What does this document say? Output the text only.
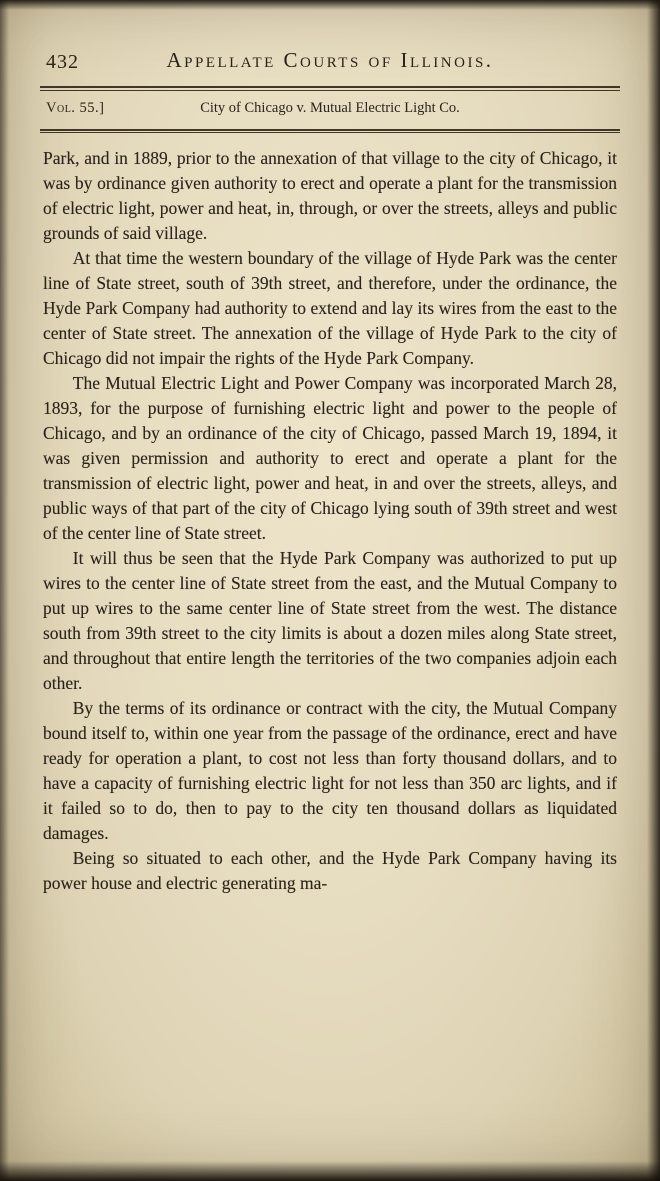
432	Appellate Courts of Illinois.
Vol. 55.]	City of Chicago v. Mutual Electric Light Co.

Park, and in 1889, prior to the annexation of that village to the city of Chicago, it was by ordinance given authority to erect and operate a plant for the transmission of electric light, power and heat, in, through, or over the streets, alleys and public grounds of said village.

At that time the western boundary of the village of Hyde Park was the center line of State street, south of 39th street, and therefore, under the ordinance, the Hyde Park Company had authority to extend and lay its wires from the east to the center of State street. The annexation of the village of Hyde Park to the city of Chicago did not impair the rights of the Hyde Park Company.

The Mutual Electric Light and Power Company was incorporated March 28, 1893, for the purpose of furnishing electric light and power to the people of Chicago, and by an ordinance of the city of Chicago, passed March 19, 1894, it was given permission and authority to erect and operate a plant for the transmission of electric light, power and heat, in and over the streets, alleys, and public ways of that part of the city of Chicago lying south of 39th street and west of the center line of State street.

It will thus be seen that the Hyde Park Company was authorized to put up wires to the center line of State street from the east, and the Mutual Company to put up wires to the same center line of State street from the west. The distance south from 39th street to the city limits is about a dozen miles along State street, and throughout that entire length the territories of the two companies adjoin each other.

By the terms of its ordinance or contract with the city, the Mutual Company bound itself to, within one year from the passage of the ordinance, erect and have ready for operation a plant, to cost not less than forty thousand dollars, and to have a capacity of furnishing electric light for not less than 350 arc lights, and if it failed so to do, then to pay to the city ten thousand dollars as liquidated damages.

Being so situated to each other, and the Hyde Park Company having its power house and electric generating ma-
